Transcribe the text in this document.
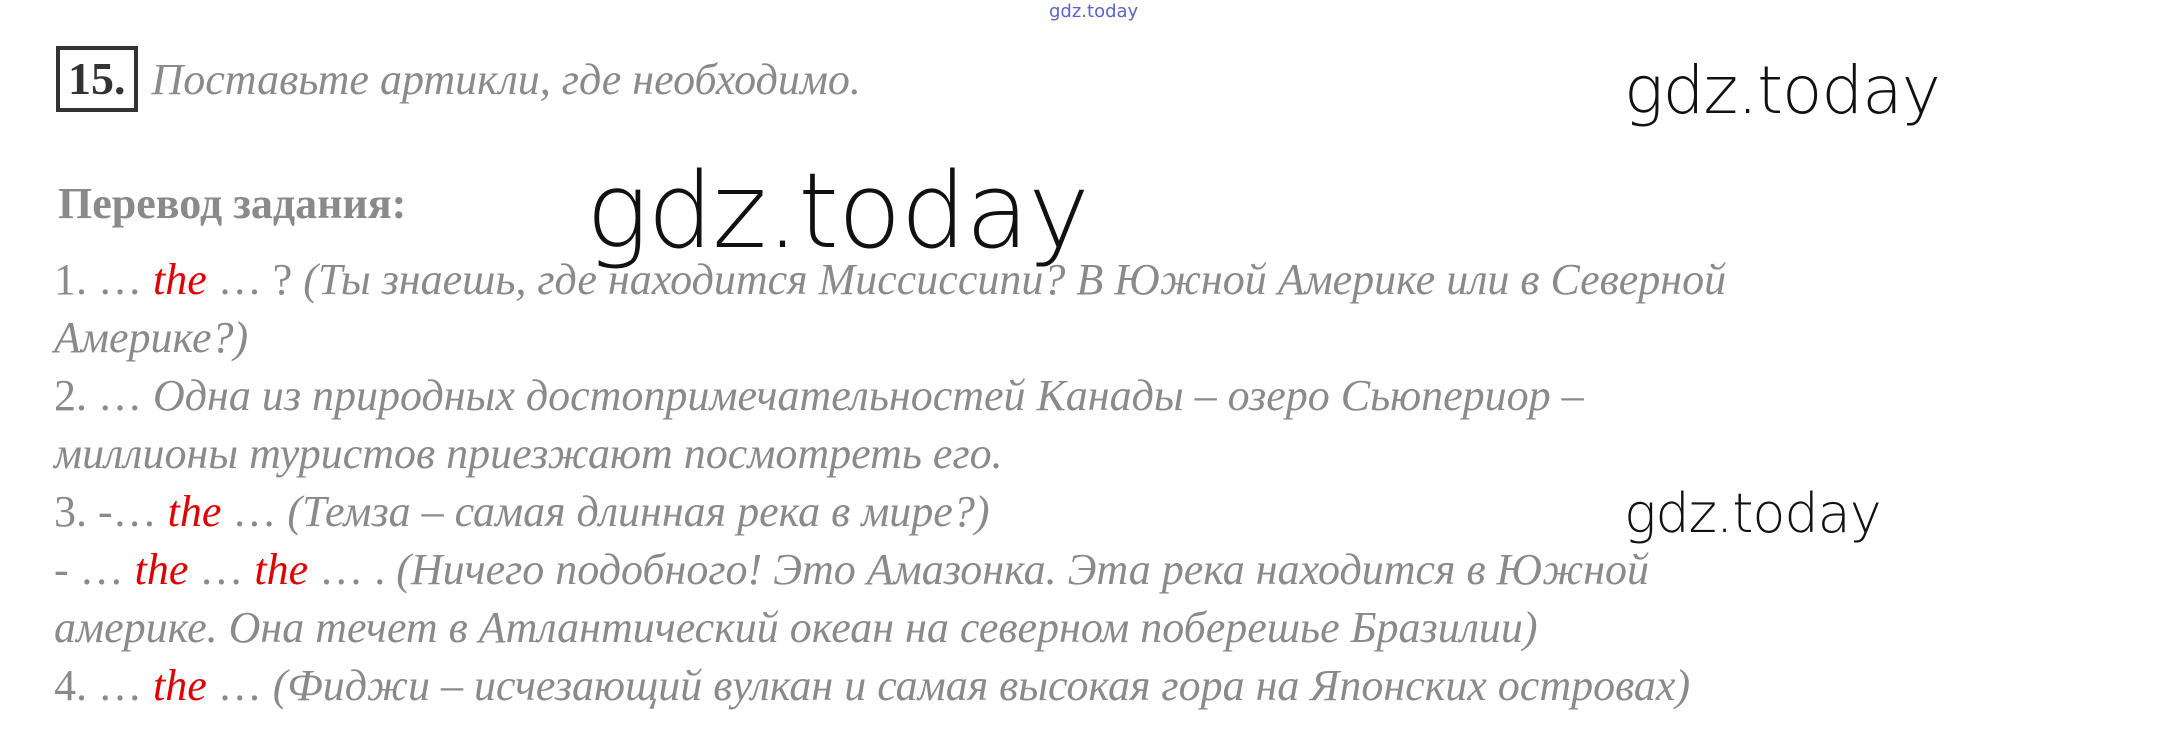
gdz.today
gdz.today
gdz.today
gdz.today
15 . Поставьте артикли, где необходимо.
Перевод задания:
1. … the … ? (Ты знаешь, где находится Миссиссипи? В Южной Америке или в Северной
Америке?)
2. … Одна из природных достопримечательностей Канады – озеро Сьюпериор –
миллионы туристов приезжают посмотреть его.
3. -… the … (Темза – самая длинная река в мире?)
- … the … the … . (Ничего подобного! Это Амазонка. Эта река находится в Южной
америке. Она течет в Атлантический океан на северном поберешье Бразилии)
4. … the … (Фиджи – исчезающий вулкан и самая высокая гора на Японских островах)
